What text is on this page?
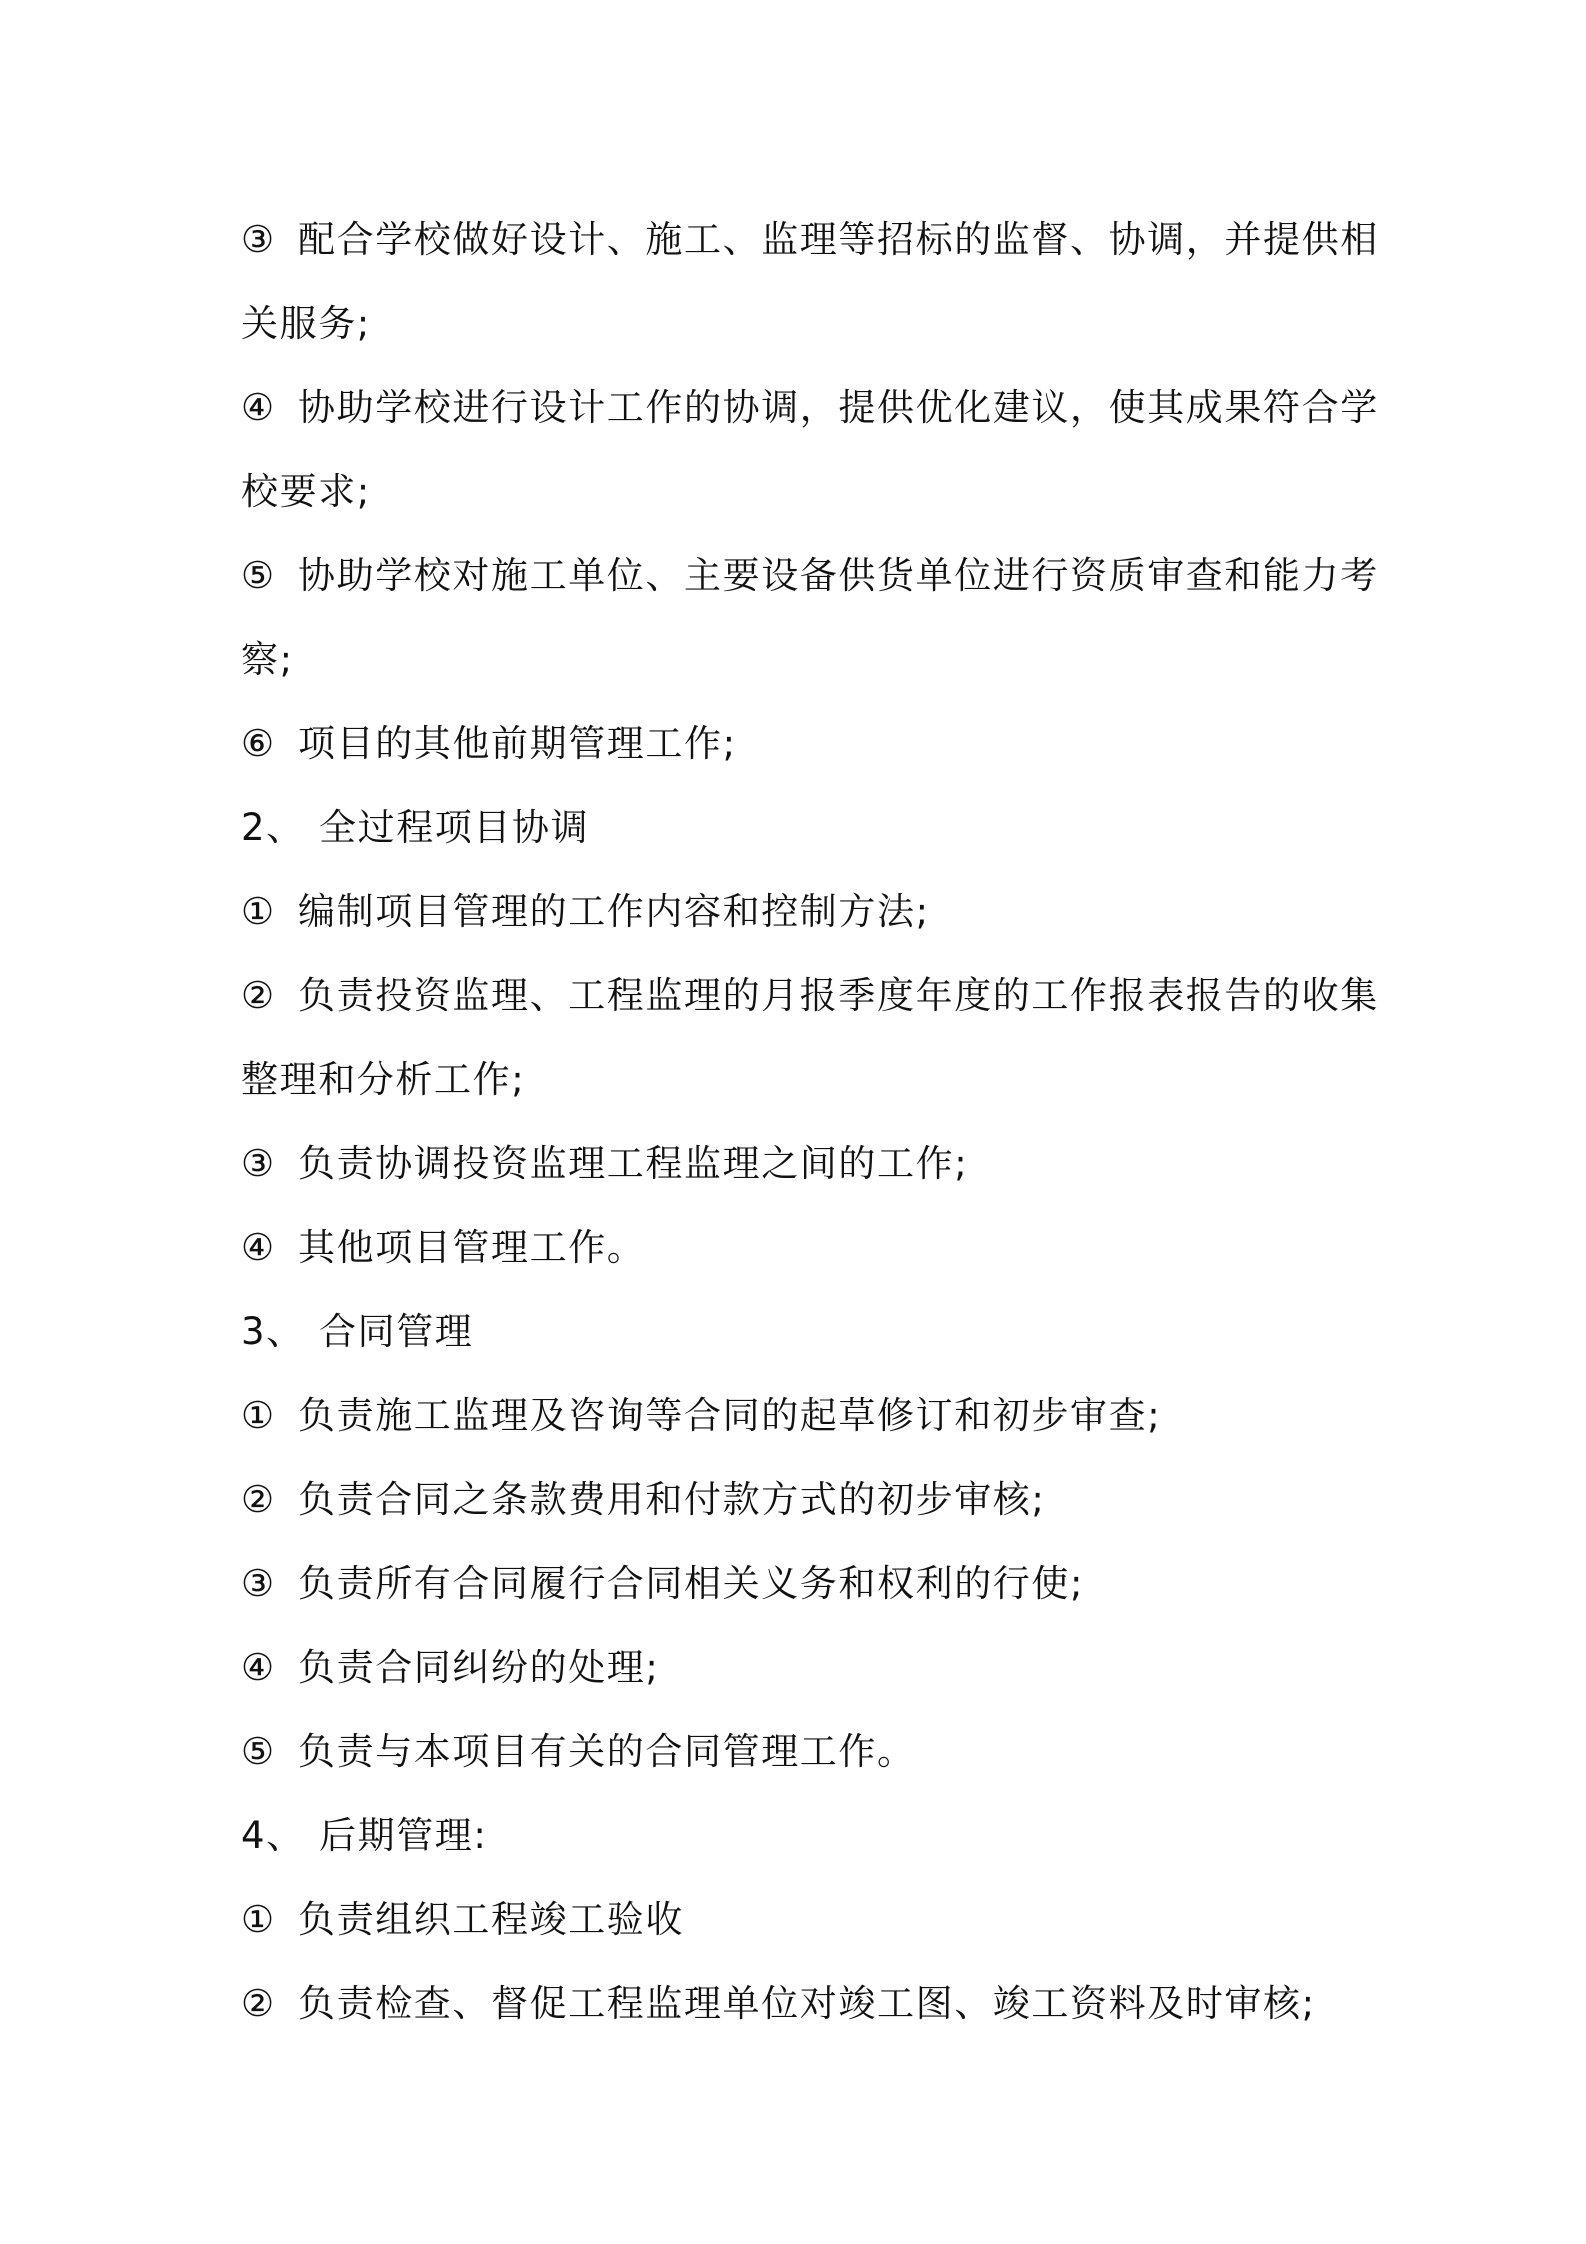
③ 配合学校做好设计、施工、监理等招标的监督、协调，并提供相
关服务;
④ 协助学校进行设计工作的协调，提供优化建议，使其成果符合学
校要求;
⑤ 协助学校对施工单位、主要设备供货单位进行资质审查和能力考
察;
⑥ 项目的其他前期管理工作;
2、 全过程项目协调
① 编制项目管理的工作内容和控制方法;
② 负责投资监理、工程监理的月报季度年度的工作报表报告的收集
整理和分析工作;
③ 负责协调投资监理工程监理之间的工作;
④ 其他项目管理工作。
3、 合同管理
① 负责施工监理及咨询等合同的起草修订和初步审查;
② 负责合同之条款费用和付款方式的初步审核;
③ 负责所有合同履行合同相关义务和权利的行使;
④ 负责合同纠纷的处理;
⑤ 负责与本项目有关的合同管理工作。
4、 后期管理:
① 负责组织工程竣工验收
② 负责检查、督促工程监理单位对竣工图、竣工资料及时审核;
